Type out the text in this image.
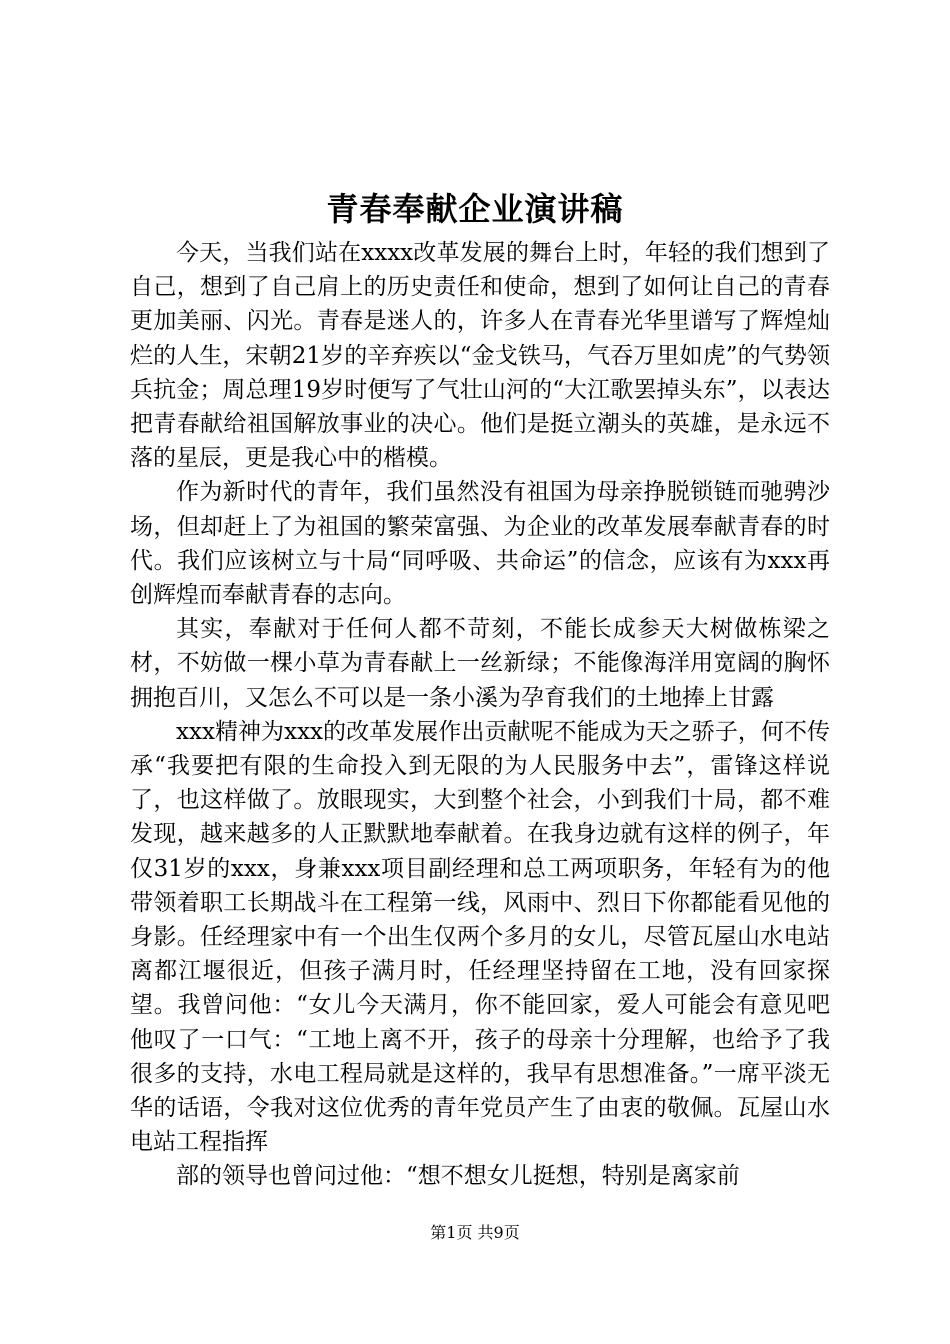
青春奉献企业演讲稿

今天，当我们站在xxxx改革发展的舞台上时，年轻的我们想到了自己，想到了自己肩上的历史责任和使命，想到了如何让自己的青春更加美丽、闪光。青春是迷人的，许多人在青春光华里谱写了辉煌灿烂的人生，宋朝21岁的辛弃疾以“金戈铁马，气吞万里如虎”的气势领兵抗金；周总理19岁时便写了气壮山河的“大江歌罢掉头东”，以表达把青春献给祖国解放事业的决心。他们是挺立潮头的英雄，是永远不落的星辰，更是我心中的楷模。

作为新时代的青年，我们虽然没有祖国为母亲挣脱锁链而驰骋沙场，但却赶上了为祖国的繁荣富强、为企业的改革发展奉献青春的时代。我们应该树立与十局“同呼吸、共命运”的信念，应该有为xxx再创辉煌而奉献青春的志向。

其实，奉献对于任何人都不苛刻，不能长成参天大树做栋梁之材，不妨做一棵小草为青春献上一丝新绿；不能像海洋用宽阔的胸怀拥抱百川，又怎么不可以是一条小溪为孕育我们的土地捧上甘露

xxx精神为xxx的改革发展作出贡献呢不能成为天之骄子，何不传承“我要把有限的生命投入到无限的为人民服务中去”，雷锋这样说了，也这样做了。放眼现实，大到整个社会，小到我们十局，都不难发现，越来越多的人正默默地奉献着。在我身边就有这样的例子，年仅31岁的xxx，身兼xxx项目副经理和总工两项职务，年轻有为的他带领着职工长期战斗在工程第一线，风雨中、烈日下你都能看见他的身影。任经理家中有一个出生仅两个多月的女儿，尽管瓦屋山水电站离都江堰很近，但孩子满月时，任经理坚持留在工地，没有回家探望。我曾问他：“女儿今天满月，你不能回家，爱人可能会有意见吧他叹了一口气：“工地上离不开，孩子的母亲十分理解，也给予了我很多的支持，水电工程局就是这样的，我早有思想准备。”一席平淡无华的话语，令我对这位优秀的青年党员产生了由衷的敬佩。瓦屋山水电站工程指挥

部的领导也曾问过他：“想不想女儿挺想，特别是离家前

第1页 共9页
